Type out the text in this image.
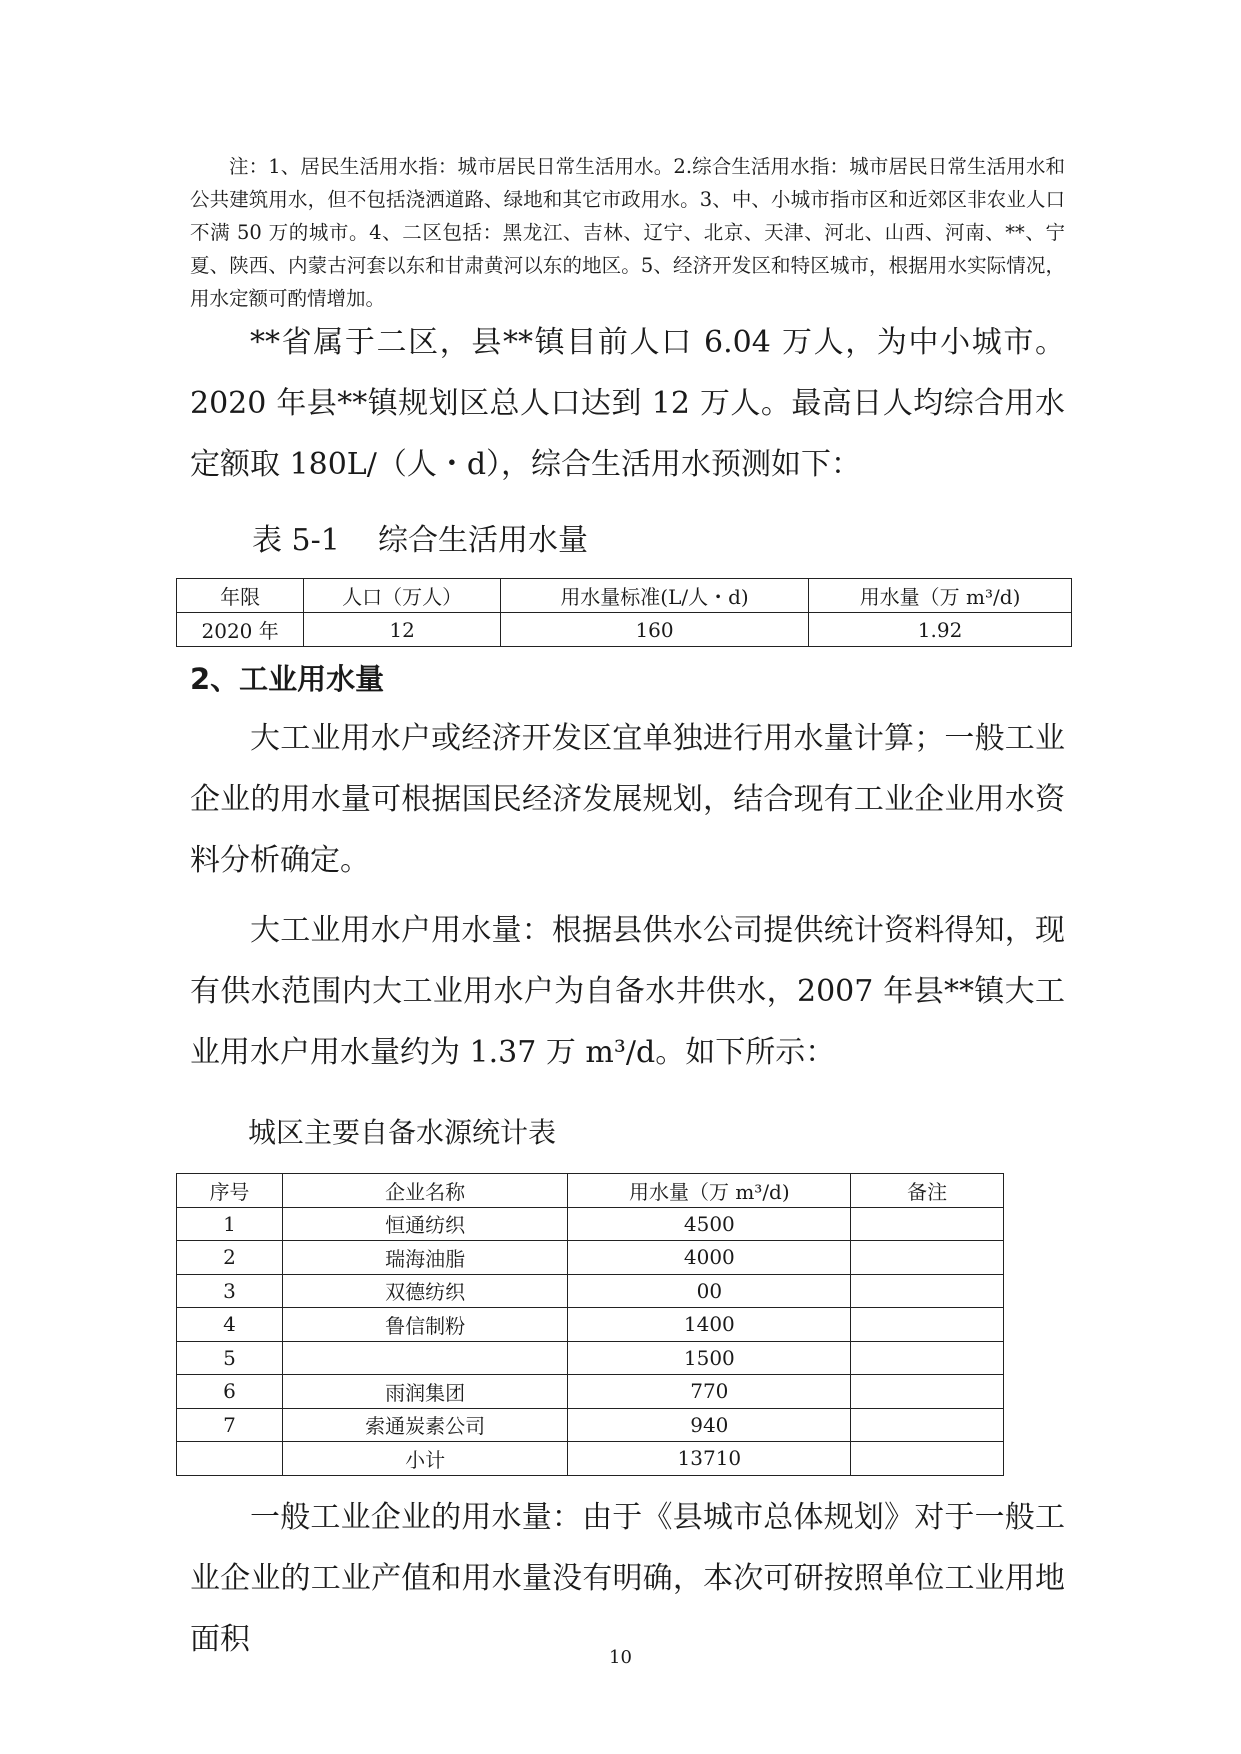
注：1、居民生活用水指：城市居民日常生活用水。2.综合生活用水指：城市居民日常生活用水和公共建筑用水，但不包括浇洒道路、绿地和其它市政用水。3、中、小城市指市区和近郊区非农业人口不满 50 万的城市。4、二区包括：黑龙江、吉林、辽宁、北京、天津、河北、山西、河南、**、宁夏、陕西、内蒙古河套以东和甘肃黄河以东的地区。5、经济开发区和特区城市，根据用水实际情况，用水定额可酌情增加。
**省属于二区，县**镇目前人口 6.04 万人，为中小城市。2020 年县**镇规划区总人口达到 12 万人。最高日人均综合用水定额取 180L/（人・d），综合生活用水预测如下：
表 5-1    综合生活用水量
年限	人口（万人）	用水量标准(L/人・d)	用水量（万 m³/d)
2020 年	12	160	1.92
2、工业用水量
大工业用水户或经济开发区宜单独进行用水量计算；一般工业企业的用水量可根据国民经济发展规划，结合现有工业企业用水资料分析确定。
大工业用水户用水量：根据县供水公司提供统计资料得知，现有供水范围内大工业用水户为自备水井供水，2007 年县**镇大工业用水户用水量约为 1.37 万 m³/d。如下所示：
城区主要自备水源统计表
序号	企业名称	用水量（万 m³/d)	备注
1	恒通纺织	4500	
2	瑞海油脂	4000	
3	双德纺织	00	
4	鲁信制粉	1400	
5		1500	
6	雨润集团	770	
7	索通炭素公司	940	
	小计	13710	
一般工业企业的用水量：由于《县城市总体规划》对于一般工业企业的工业产值和用水量没有明确，本次可研按照单位工业用地面积
10
